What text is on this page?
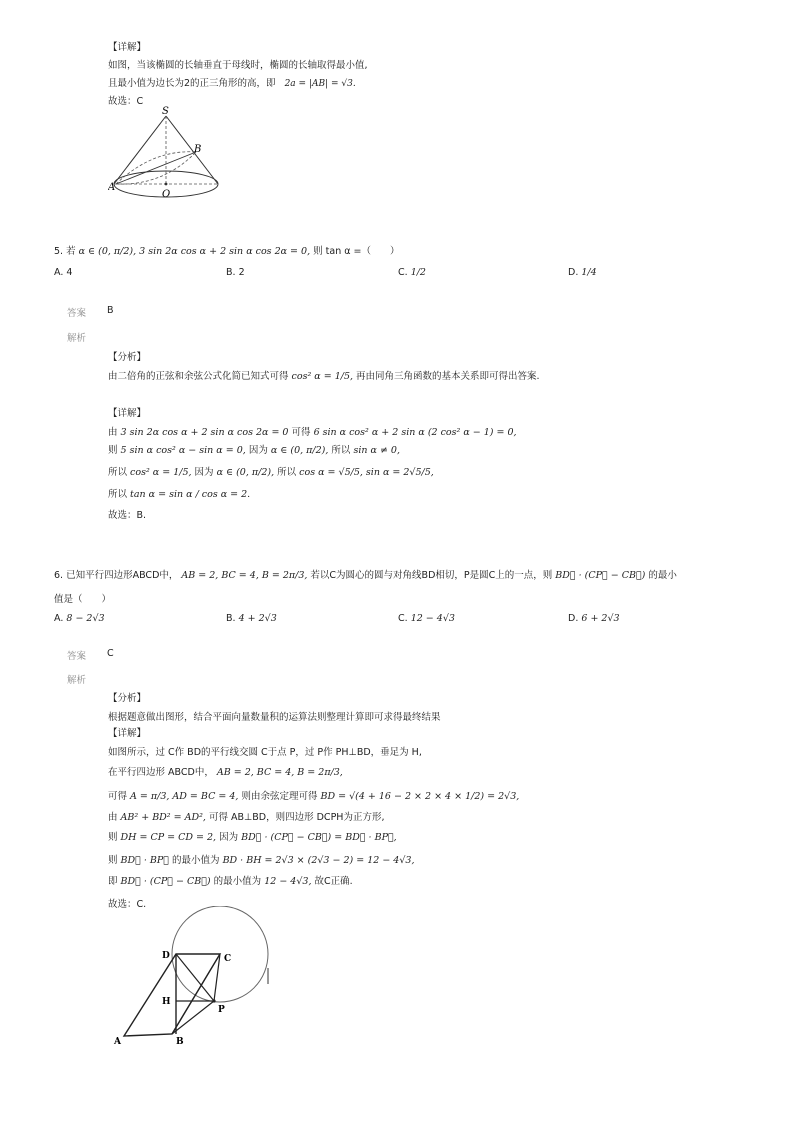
【详解】
如图，当该椭圆的长轴垂直于母线时，椭圆的长轴取得最小值,
且最小值为边长为2的正三角形的高，即 2a = |AB| = √3.
故选：C
S
B
A
O
5. 若 α ∈ (0, π/2), 3 sin 2α cos α + 2 sin α cos 2α = 0, 则 tan α =（　　）
A. 4	B. 2	C. 1/2	D. 1/4
答案 B
解析
【分析】
由二倍角的正弦和余弦公式化简已知式可得 cos² α = 1/5, 再由同角三角函数的基本关系即可得出答案.
【详解】
由 3 sin 2α cos α + 2 sin α cos 2α = 0 可得 6 sin α cos² α + 2 sin α (2 cos² α − 1) = 0,
则 5 sin α cos² α − sin α = 0, 因为 α ∈ (0, π/2), 所以 sin α ≠ 0,
所以 cos² α = 1/5, 因为 α ∈ (0, π/2), 所以 cos α = √5/5, sin α = 2√5/5,
所以 tan α = sin α / cos α = 2.
故选：B.
6. 已知平行四边形ABCD中， AB = 2, BC = 4, B = 2π/3, 若以C为圆心的圆与对角线BD相切，P是圆C上的一点，则 BD⃗ · (CP⃗ − CB⃗) 的最小
值是（　　）
A. 8 − 2√3	B. 4 + 2√3	C. 12 − 4√3	D. 6 + 2√3
答案 C
解析
【分析】
根据题意做出图形，结合平面向量数量积的运算法则整理计算即可求得最终结果
【详解】
如图所示，过 C作 BD的平行线交圆 C于点 P，过 P作 PH⊥BD，垂足为 H,
在平行四边形 ABCD中， AB = 2, BC = 4, B = 2π/3,
可得 A = π/3, AD = BC = 4, 则由余弦定理可得 BD = √(4 + 16 − 2 × 2 × 4 × 1/2) = 2√3,
由 AB² + BD² = AD², 可得 AB⊥BD，则四边形 DCPH为正方形,
则 DH = CP = CD = 2, 因为 BD⃗ · (CP⃗ − CB⃗) = BD⃗ · BP⃗,
则 BD⃗ · BP⃗ 的最小值为 BD · BH = 2√3 × (2√3 − 2) = 12 − 4√3,
即 BD⃗ · (CP⃗ − CB⃗) 的最小值为 12 − 4√3, 故C正确.
故选：C.
D	C
H
P
A	B
